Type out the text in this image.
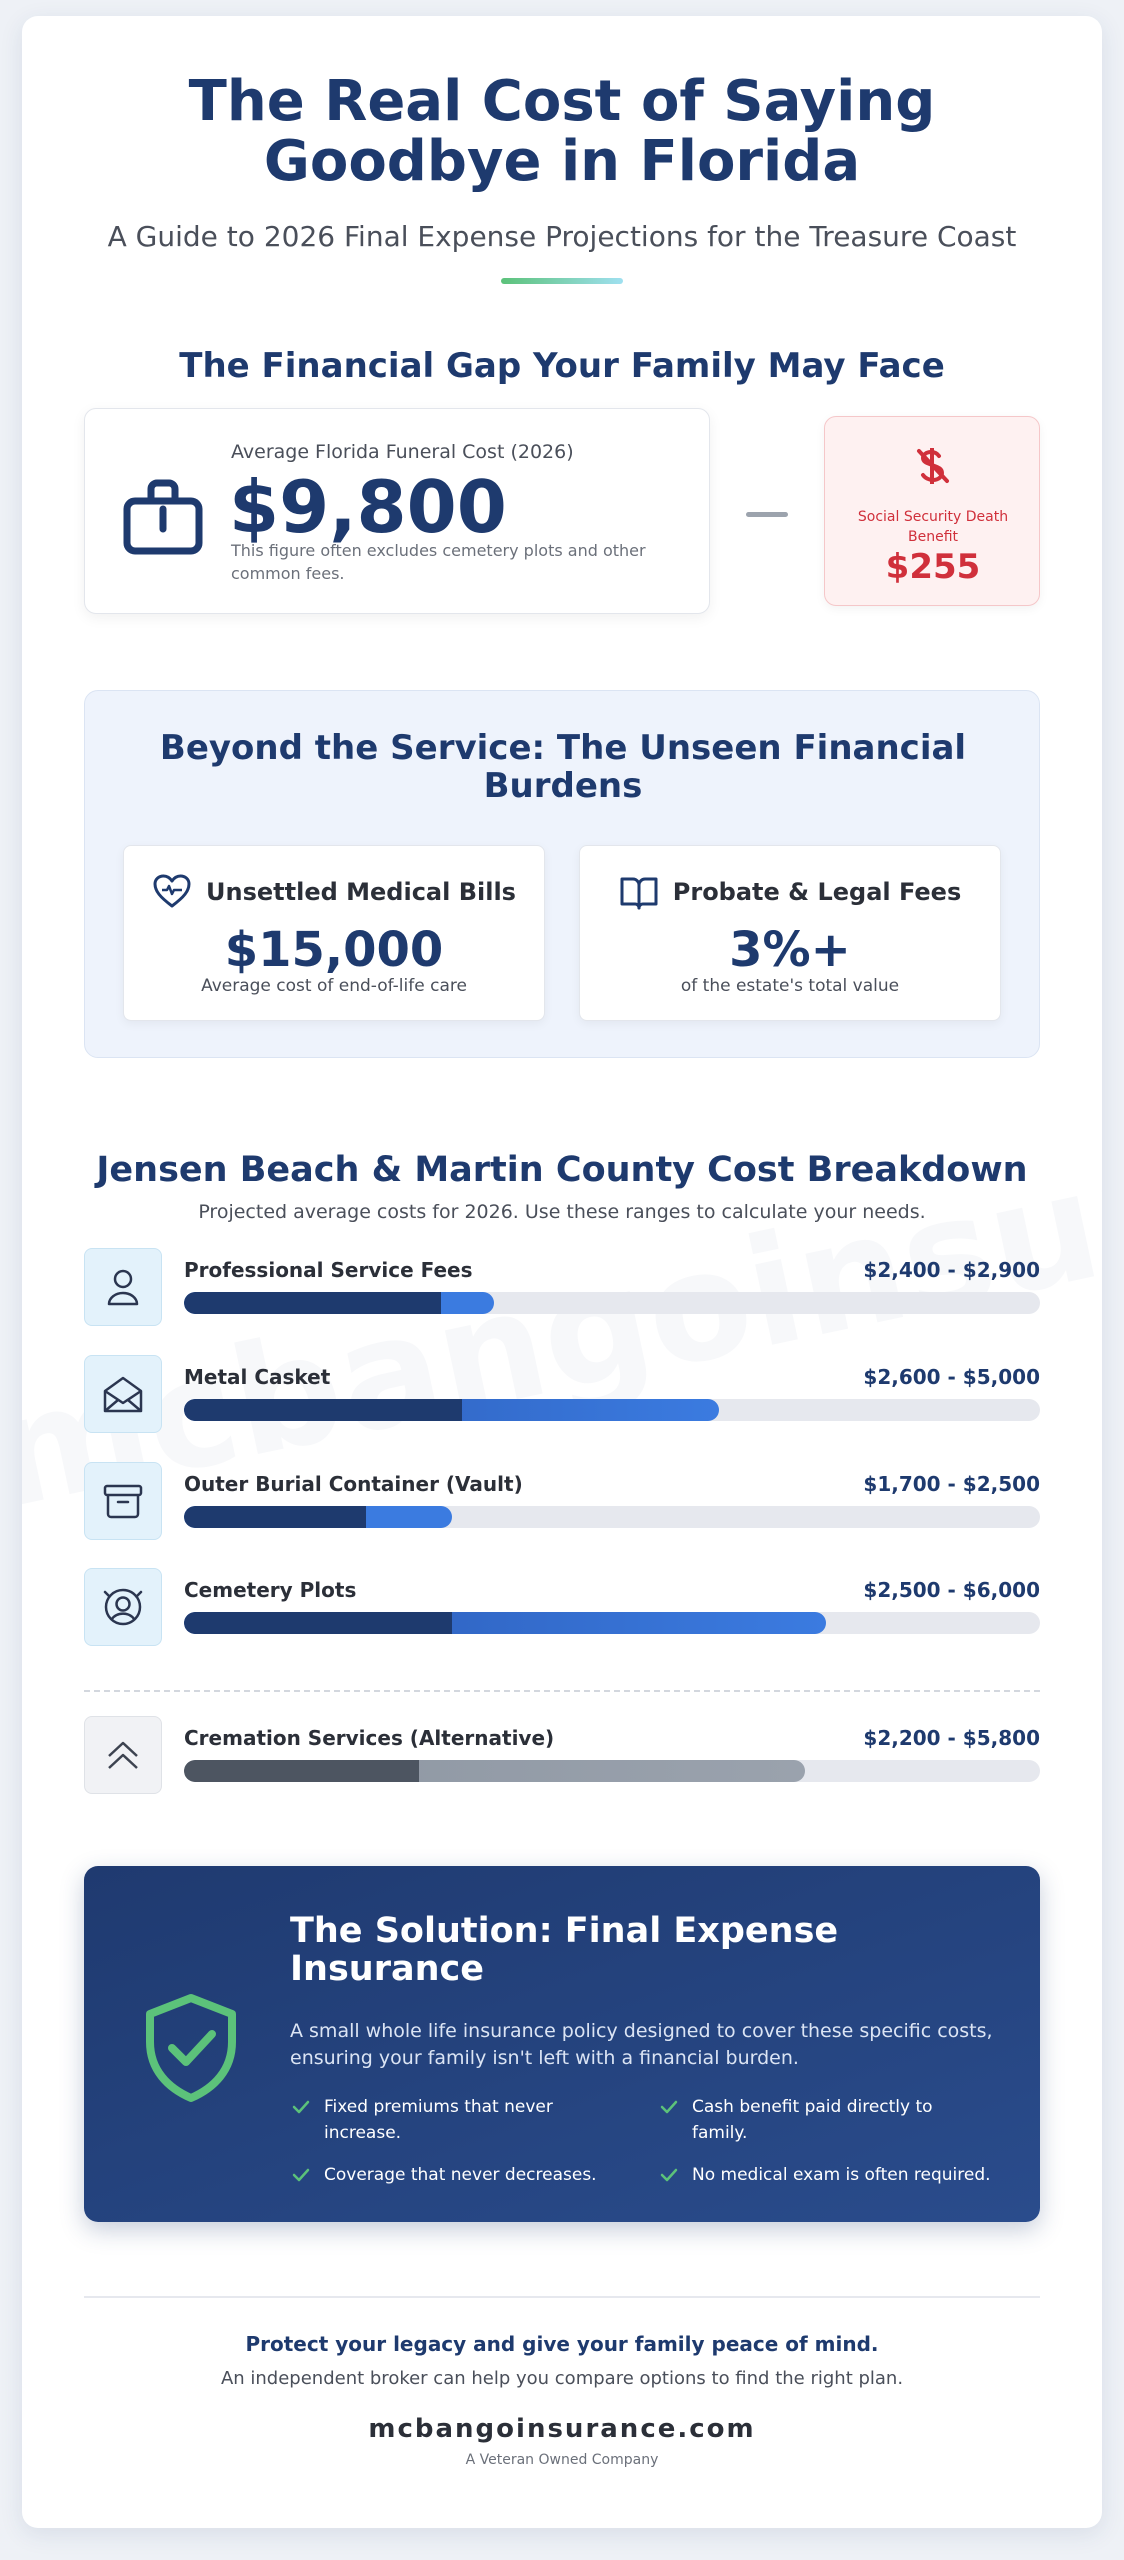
The Real Cost of Saying
Goodbye in Florida
A Guide to 2026 Final Expense Projections for the Treasure Coast
The Financial Gap Your Family May Face
Average Florida Funeral Cost (2026)
$9,800
This figure often excludes cemetery plots and other common fees.
Social Security Death Benefit
$255
Beyond the Service: The Unseen Financial Burdens
Unsettled Medical Bills
$15,000
Average cost of end-of-life care
Probate & Legal Fees
3%+
of the estate's total value
Jensen Beach & Martin County Cost Breakdown
Projected average costs for 2026. Use these ranges to calculate your needs.
Professional Service Fees	$2,400 - $2,900
Metal Casket	$2,600 - $5,000
Outer Burial Container (Vault)	$1,700 - $2,500
Cemetery Plots	$2,500 - $6,000
Cremation Services (Alternative)	$2,200 - $5,800
The Solution: Final Expense Insurance
A small whole life insurance policy designed to cover these specific costs, ensuring your family isn't left with a financial burden.
Fixed premiums that never increase.
Cash benefit paid directly to family.
Coverage that never decreases.	No medical exam is often required.
Protect your legacy and give your family peace of mind.
An independent broker can help you compare options to find the right plan.
mcbangoinsurance.com
A Veteran Owned Company
